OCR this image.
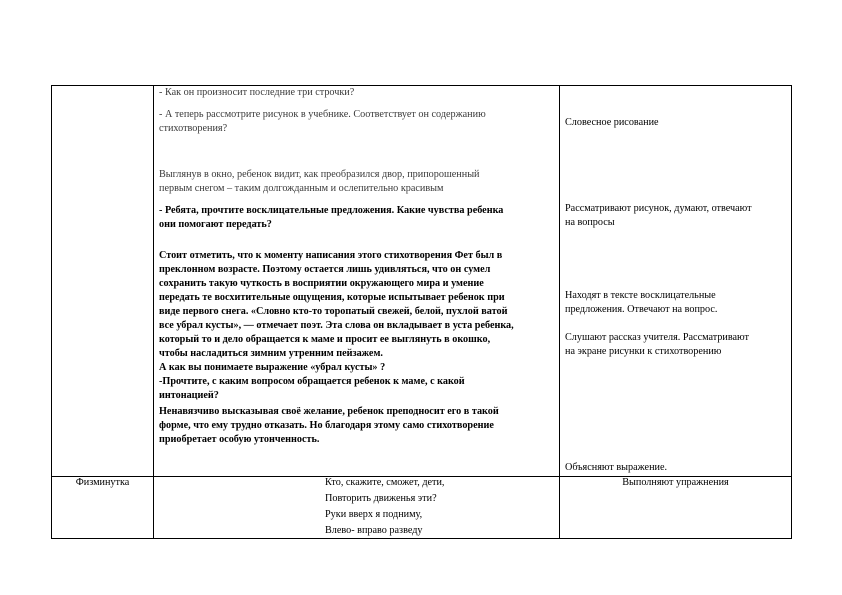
- Как он произносит последние три строчки?
- А теперь рассмотрите рисунок в учебнике. Соответствует он содержанию
стихотворения?
Выглянув в окно, ребенок видит, как преобразился двор, припорошенный
первым снегом – таким долгожданным и ослепительно красивым
- Ребята, прочтите восклицательные предложения. Какие чувства ребенка
они помогают передать?
Стоит отметить, что к моменту написания этого стихотворения Фет был в
преклонном возрасте. Поэтому остается лишь удивляться, что он сумел
сохранить такую чуткость в восприятии окружающего мира и умение
передать те восхитительные ощущения, которые испытывает ребенок при
виде первого снега. «Словно кто-то торопатый свежей, белой, пухлой ватой
все убрал кусты», — отмечает поэт. Эта слова он вкладывает в уста ребенка,
который то и дело обращается к маме и просит ее выглянуть в окошко,
чтобы насладиться зимним утренним пейзажем.
А как вы понимаете выражение «убрал кусты» ?
-Прочтите, с каким вопросом обращается ребенок к маме, с какой
интонацией?
Ненавязчиво высказывая своё желание, ребенок преподносит его в такой
форме, что ему трудно отказать. Но благодаря этому само стихотворение
приобретает особую утонченность.
Словесное рисование
Рассматривают рисунок, думают, отвечают
на вопросы
Находят в тексте восклицательные
предложения. Отвечают на вопрос.
Слушают рассказ учителя. Рассматривают
на экране рисунки к стихотворению
Объясняют выражение.
Физминутка	Кто, скажите, сможет, дети,
Повторить движенья эти?
Руки вверх я подниму,
Влево- вправо разведу
Выполняют упражнения
